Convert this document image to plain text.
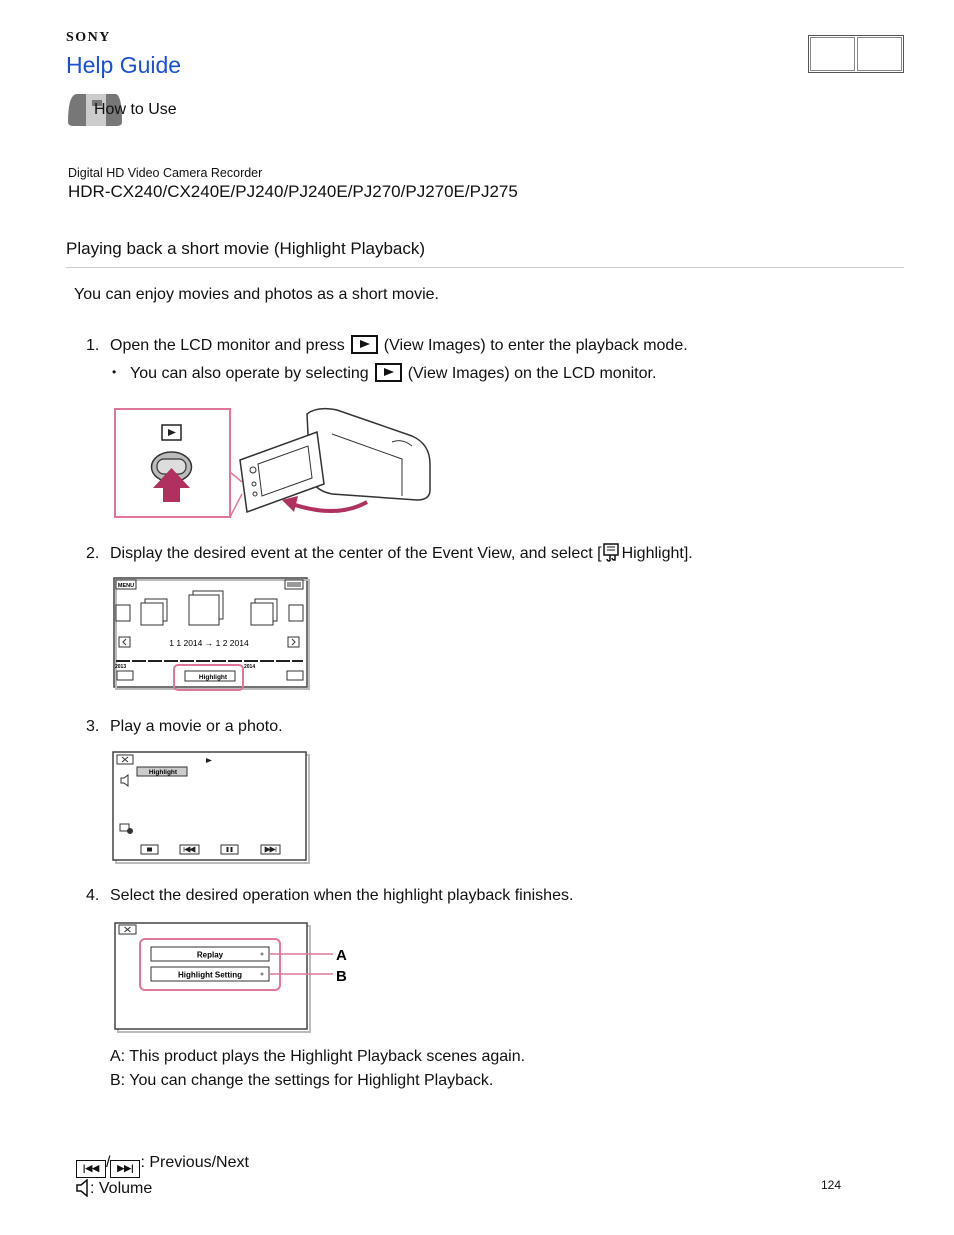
SONY
Help Guide
How to Use
Digital HD Video Camera Recorder
HDR-CX240/CX240E/PJ240/PJ240E/PJ270/PJ270E/PJ275
Playing back a short movie (Highlight Playback)
You can enjoy movies and photos as a short movie.
1. Open the LCD monitor and press (View Images) to enter the playback mode.
• You can also operate by selecting (View Images) on the LCD monitor.
2. Display the desired event at the center of the Event View, and select [ Highlight].
MENU
1 1 2014 → 1 2 2014
2013	2014
Highlight
3. Play a movie or a photo.
Highlight
4. Select the desired operation when the highlight playback finishes.
Replay
Highlight Setting
A
B
A: This product plays the Highlight Playback scenes again.
B: You can change the settings for Highlight Playback.
|◀◀ / ▶▶| : Previous/Next
: Volume	124
